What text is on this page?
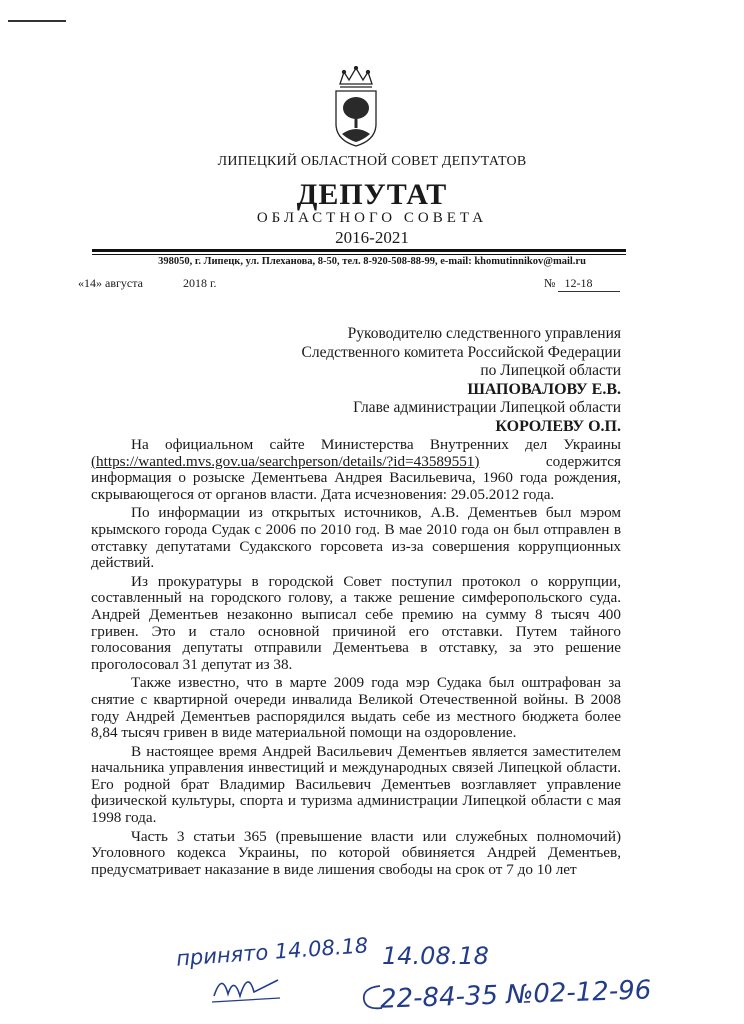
ЛИПЕЦКИЙ ОБЛАСТНОЙ СОВЕТ ДЕПУТАТОВ
ДЕПУТАТ
ОБЛАСТНОГО СОВЕТА
2016-2021
398050, г. Липецк, ул. Плеханова, 8-50, тел. 8-920-508-88-99, e-mail: khomutinnikov@mail.ru
«14» августа	2018 г.	№ 12-18
Руководителю следственного управления
Следственного комитета Российской Федерации
по Липецкой области
ШАПОВАЛОВУ Е.В.
Главе администрации Липецкой области
КОРОЛЕВУ О.П.

На официальном сайте Министерства Внутренних дел Украины (https://wanted.mvs.gov.ua/searchperson/details/?id=43589551) содержится информация о розыске Дементьева Андрея Васильевича, 1960 года рождения, скрывающегося от органов власти. Дата исчезновения: 29.05.2012 года.

По информации из открытых источников, А.В. Дементьев был мэром крымского города Судак с 2006 по 2010 год. В мае 2010 года он был отправлен в отставку депутатами Судакского горсовета из-за совершения коррупционных действий.

Из прокуратуры в городской Совет поступил протокол о коррупции, составленный на городского голову, а также решение симферопольского суда. Андрей Дементьев незаконно выписал себе премию на сумму 8 тысяч 400 гривен. Это и стало основной причиной его отставки. Путем тайного голосования депутаты отправили Дементьева в отставку, за это решение проголосовал 31 депутат из 38.

Также известно, что в марте 2009 года мэр Судака был оштрафован за снятие с квартирной очереди инвалида Великой Отечественной войны. В 2008 году Андрей Дементьев распорядился выдать себе из местного бюджета более 8,84 тысяч гривен в виде материальной помощи на оздоровление.

В настоящее время Андрей Васильевич Дементьев является заместителем начальника управления инвестиций и международных связей Липецкой области. Его родной брат Владимир Васильевич Дементьев возглавляет управление физической культуры, спорта и туризма администрации Липецкой области с мая 1998 года.

Часть 3 статьи 365 (превышение власти или служебных полномочий) Уголовного кодекса Украины, по которой обвиняется Андрей Дементьев, предусматривает наказание в виде лишения свободы на срок от 7 до 10 лет

принято 14.08.18 14.08.18
22-84-35 №02-12-96
